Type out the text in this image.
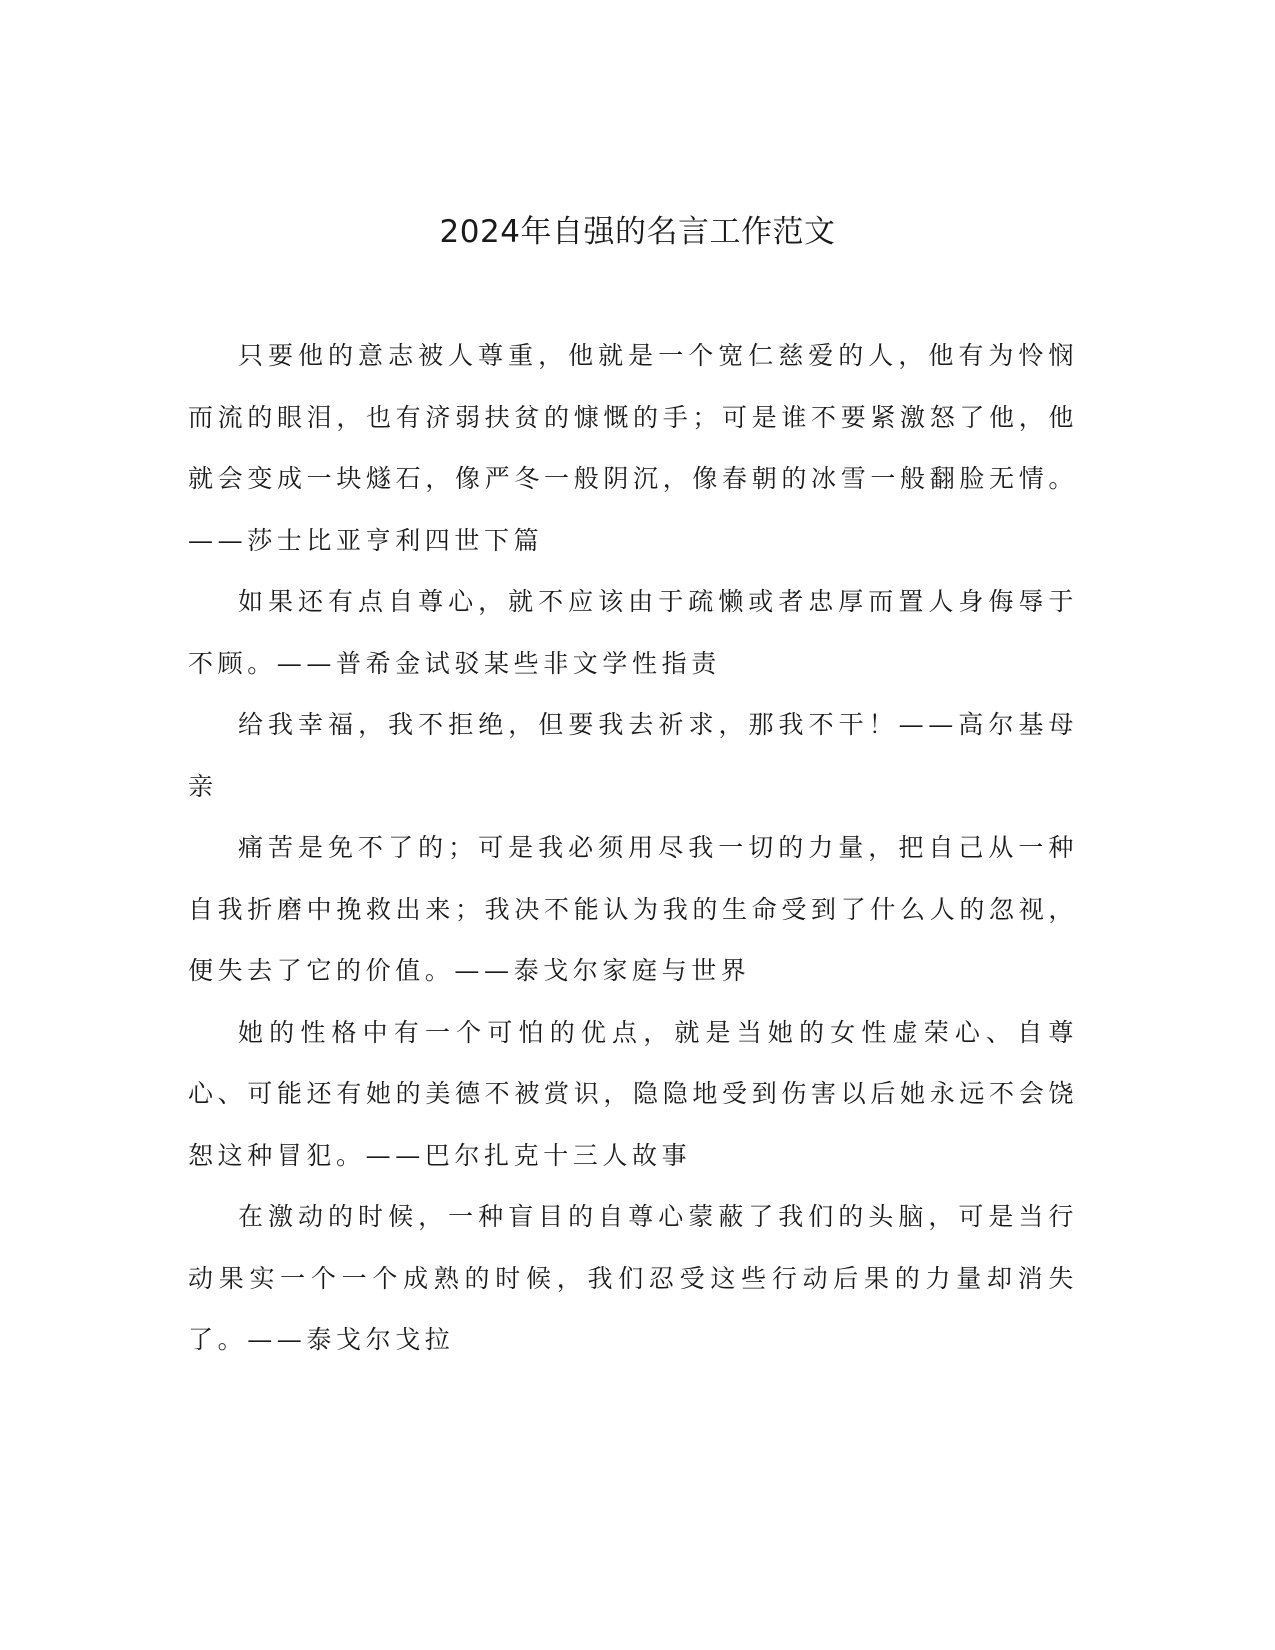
2024年自强的名言工作范文

只要他的意志被人尊重，他就是一个宽仁慈爱的人，他有为怜悯而流的眼泪，也有济弱扶贫的慷慨的手；可是谁不要紧激怒了他，他就会变成一块燧石，像严冬一般阴沉，像春朝的冰雪一般翻脸无情。——莎士比亚亨利四世下篇

如果还有点自尊心，就不应该由于疏懒或者忠厚而置人身侮辱于不顾。——普希金试驳某些非文学性指责

给我幸福，我不拒绝，但要我去祈求，那我不干！——高尔基母亲

痛苦是免不了的；可是我必须用尽我一切的力量，把自己从一种自我折磨中挽救出来；我决不能认为我的生命受到了什么人的忽视，便失去了它的价值。——泰戈尔家庭与世界

她的性格中有一个可怕的优点，就是当她的女性虚荣心、自尊心、可能还有她的美德不被赏识，隐隐地受到伤害以后她永远不会饶恕这种冒犯。——巴尔扎克十三人故事

在激动的时候，一种盲目的自尊心蒙蔽了我们的头脑，可是当行动果实一个一个成熟的时候，我们忍受这些行动后果的力量却消失了。——泰戈尔戈拉
